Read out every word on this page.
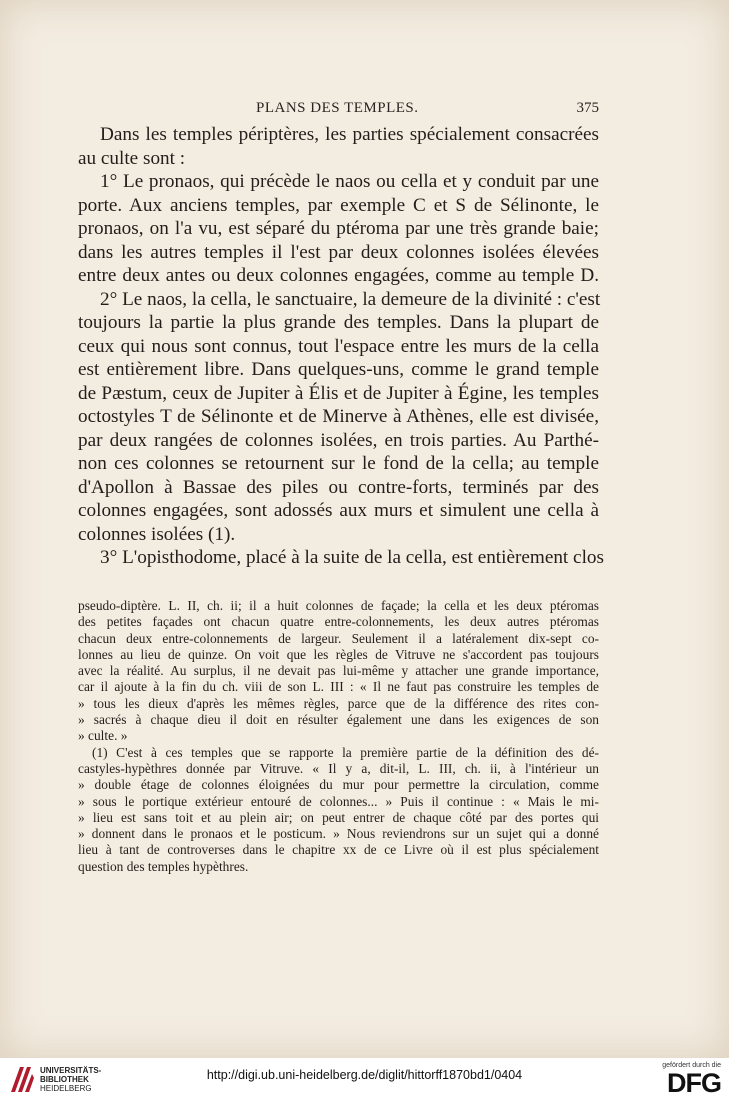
PLANS DES TEMPLES.	375
Dans les temples périptères, les parties spécialement consacrées
au culte sont :
1° Le pronaos, qui précède le naos ou cella et y conduit par une
porte. Aux anciens temples, par exemple C et S de Sélinonte, le
pronaos, on l'a vu, est séparé du ptéroma par une très grande baie;
dans les autres temples il l'est par deux colonnes isolées élevées
entre deux antes ou deux colonnes engagées, comme au temple D.
2° Le naos, la cella, le sanctuaire, la demeure de la divinité : c'est
toujours la partie la plus grande des temples. Dans la plupart de
ceux qui nous sont connus, tout l'espace entre les murs de la cella
est entièrement libre. Dans quelques-uns, comme le grand temple
de Pæstum, ceux de Jupiter à Élis et de Jupiter à Égine, les temples
octostyles T de Sélinonte et de Minerve à Athènes, elle est divisée,
par deux rangées de colonnes isolées, en trois parties. Au Parthé-
non ces colonnes se retournent sur le fond de la cella; au temple
d'Apollon à Bassae des piles ou contre-forts, terminés par des
colonnes engagées, sont adossés aux murs et simulent une cella à
colonnes isolées (1).
3° L'opisthodome, placé à la suite de la cella, est entièrement clos
pseudo-diptère. L. II, ch. ii; il a huit colonnes de façade; la cella et les deux ptéromas
des petites façades ont chacun quatre entre-colonnements, les deux autres ptéromas
chacun deux entre-colonnements de largeur. Seulement il a latéralement dix-sept co-
lonnes au lieu de quinze. On voit que les règles de Vitruve ne s'accordent pas toujours
avec la réalité. Au surplus, il ne devait pas lui-même y attacher une grande importance,
car il ajoute à la fin du ch. viii de son L. III : « Il ne faut pas construire les temples de
» tous les dieux d'après les mêmes règles, parce que de la différence des rites con-
» sacrés à chaque dieu il doit en résulter également une dans les exigences de son
» culte. »
(1) C'est à ces temples que se rapporte la première partie de la définition des dé-
castyles-hypèthres donnée par Vitruve. « Il y a, dit-il, L. III, ch. ii, à l'intérieur un
» double étage de colonnes éloignées du mur pour permettre la circulation, comme
» sous le portique extérieur entouré de colonnes... » Puis il continue : « Mais le mi-
» lieu est sans toit et au plein air; on peut entrer de chaque côté par des portes qui
» donnent dans le pronaos et le posticum. » Nous reviendrons sur un sujet qui a donné
lieu à tant de controverses dans le chapitre xx de ce Livre où il est plus spécialement
question des temples hypèthres.
UNIVERSITÄTS-
BIBLIOTHEK
HEIDELBERG
http://digi.ub.uni-heidelberg.de/diglit/hittorff1870bd1/0404
gefördert durch die
DFG
